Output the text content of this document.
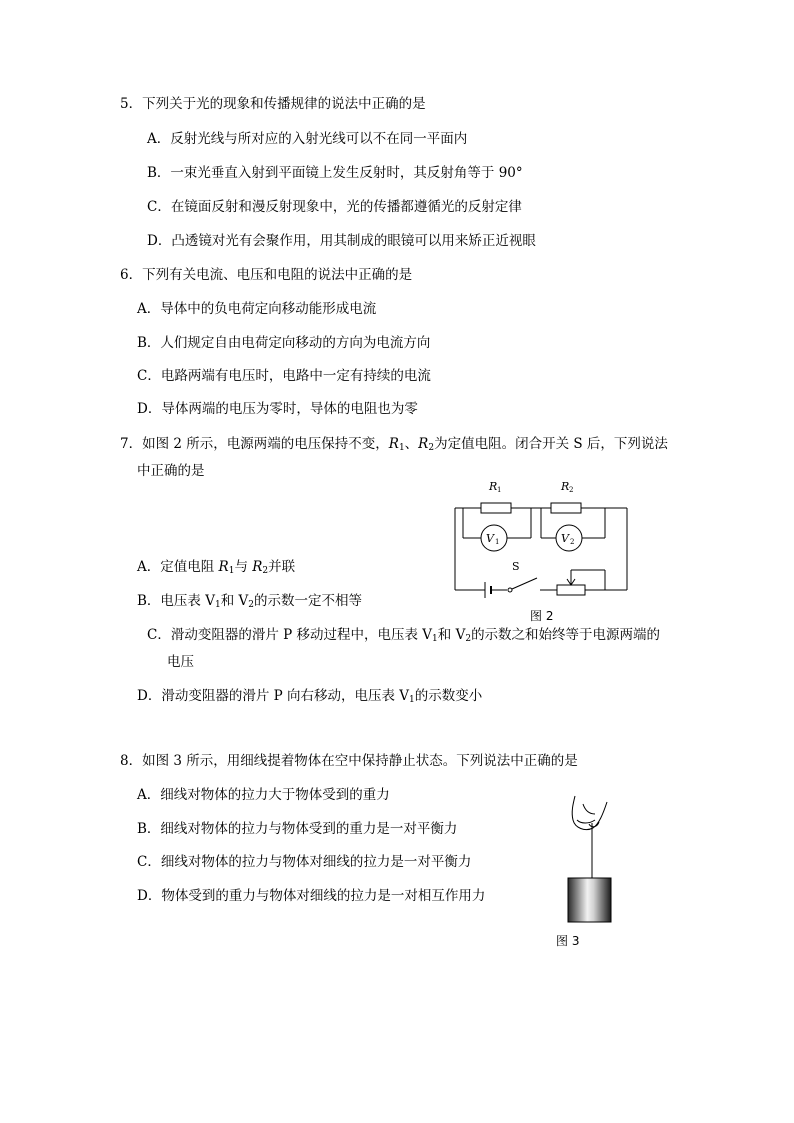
5．下列关于光的现象和传播规律的说法中正确的是
A．反射光线与所对应的入射光线可以不在同一平面内
B．一束光垂直入射到平面镜上发生反射时，其反射角等于 90°
C．在镜面反射和漫反射现象中，光的传播都遵循光的反射定律
D．凸透镜对光有会聚作用，用其制成的眼镜可以用来矫正近视眼
6．下列有关电流、电压和电阻的说法中正确的是
A．导体中的负电荷定向移动能形成电流
B．人们规定自由电荷定向移动的方向为电流方向
C．电路两端有电压时，电路中一定有持续的电流
D．导体两端的电压为零时，导体的电阻也为零
7．如图 2 所示，电源两端的电压保持不变，$R_1$、$R_2$为定值电阻。闭合开关 S 后，下列说法
中正确的是
A．定值电阻 $R_1$与 $R_2$并联
B．电压表 $V_1$和 $V_2$的示数一定不相等
C．滑动变阻器的滑片 P 移动过程中，电压表 $V_1$和 $V_2$的示数之和始终等于电源两端的
电压
D．滑动变阻器的滑片 P 向右移动，电压表 $V_1$的示数变小
R 1	R 2
V 1	V 2
S
图 2
8．如图 3 所示，用细线提着物体在空中保持静止状态。下列说法中正确的是
A．细线对物体的拉力大于物体受到的重力
B．细线对物体的拉力与物体受到的重力是一对平衡力
C．细线对物体的拉力与物体对细线的拉力是一对平衡力
D．物体受到的重力与物体对细线的拉力是一对相互作用力
图 3
